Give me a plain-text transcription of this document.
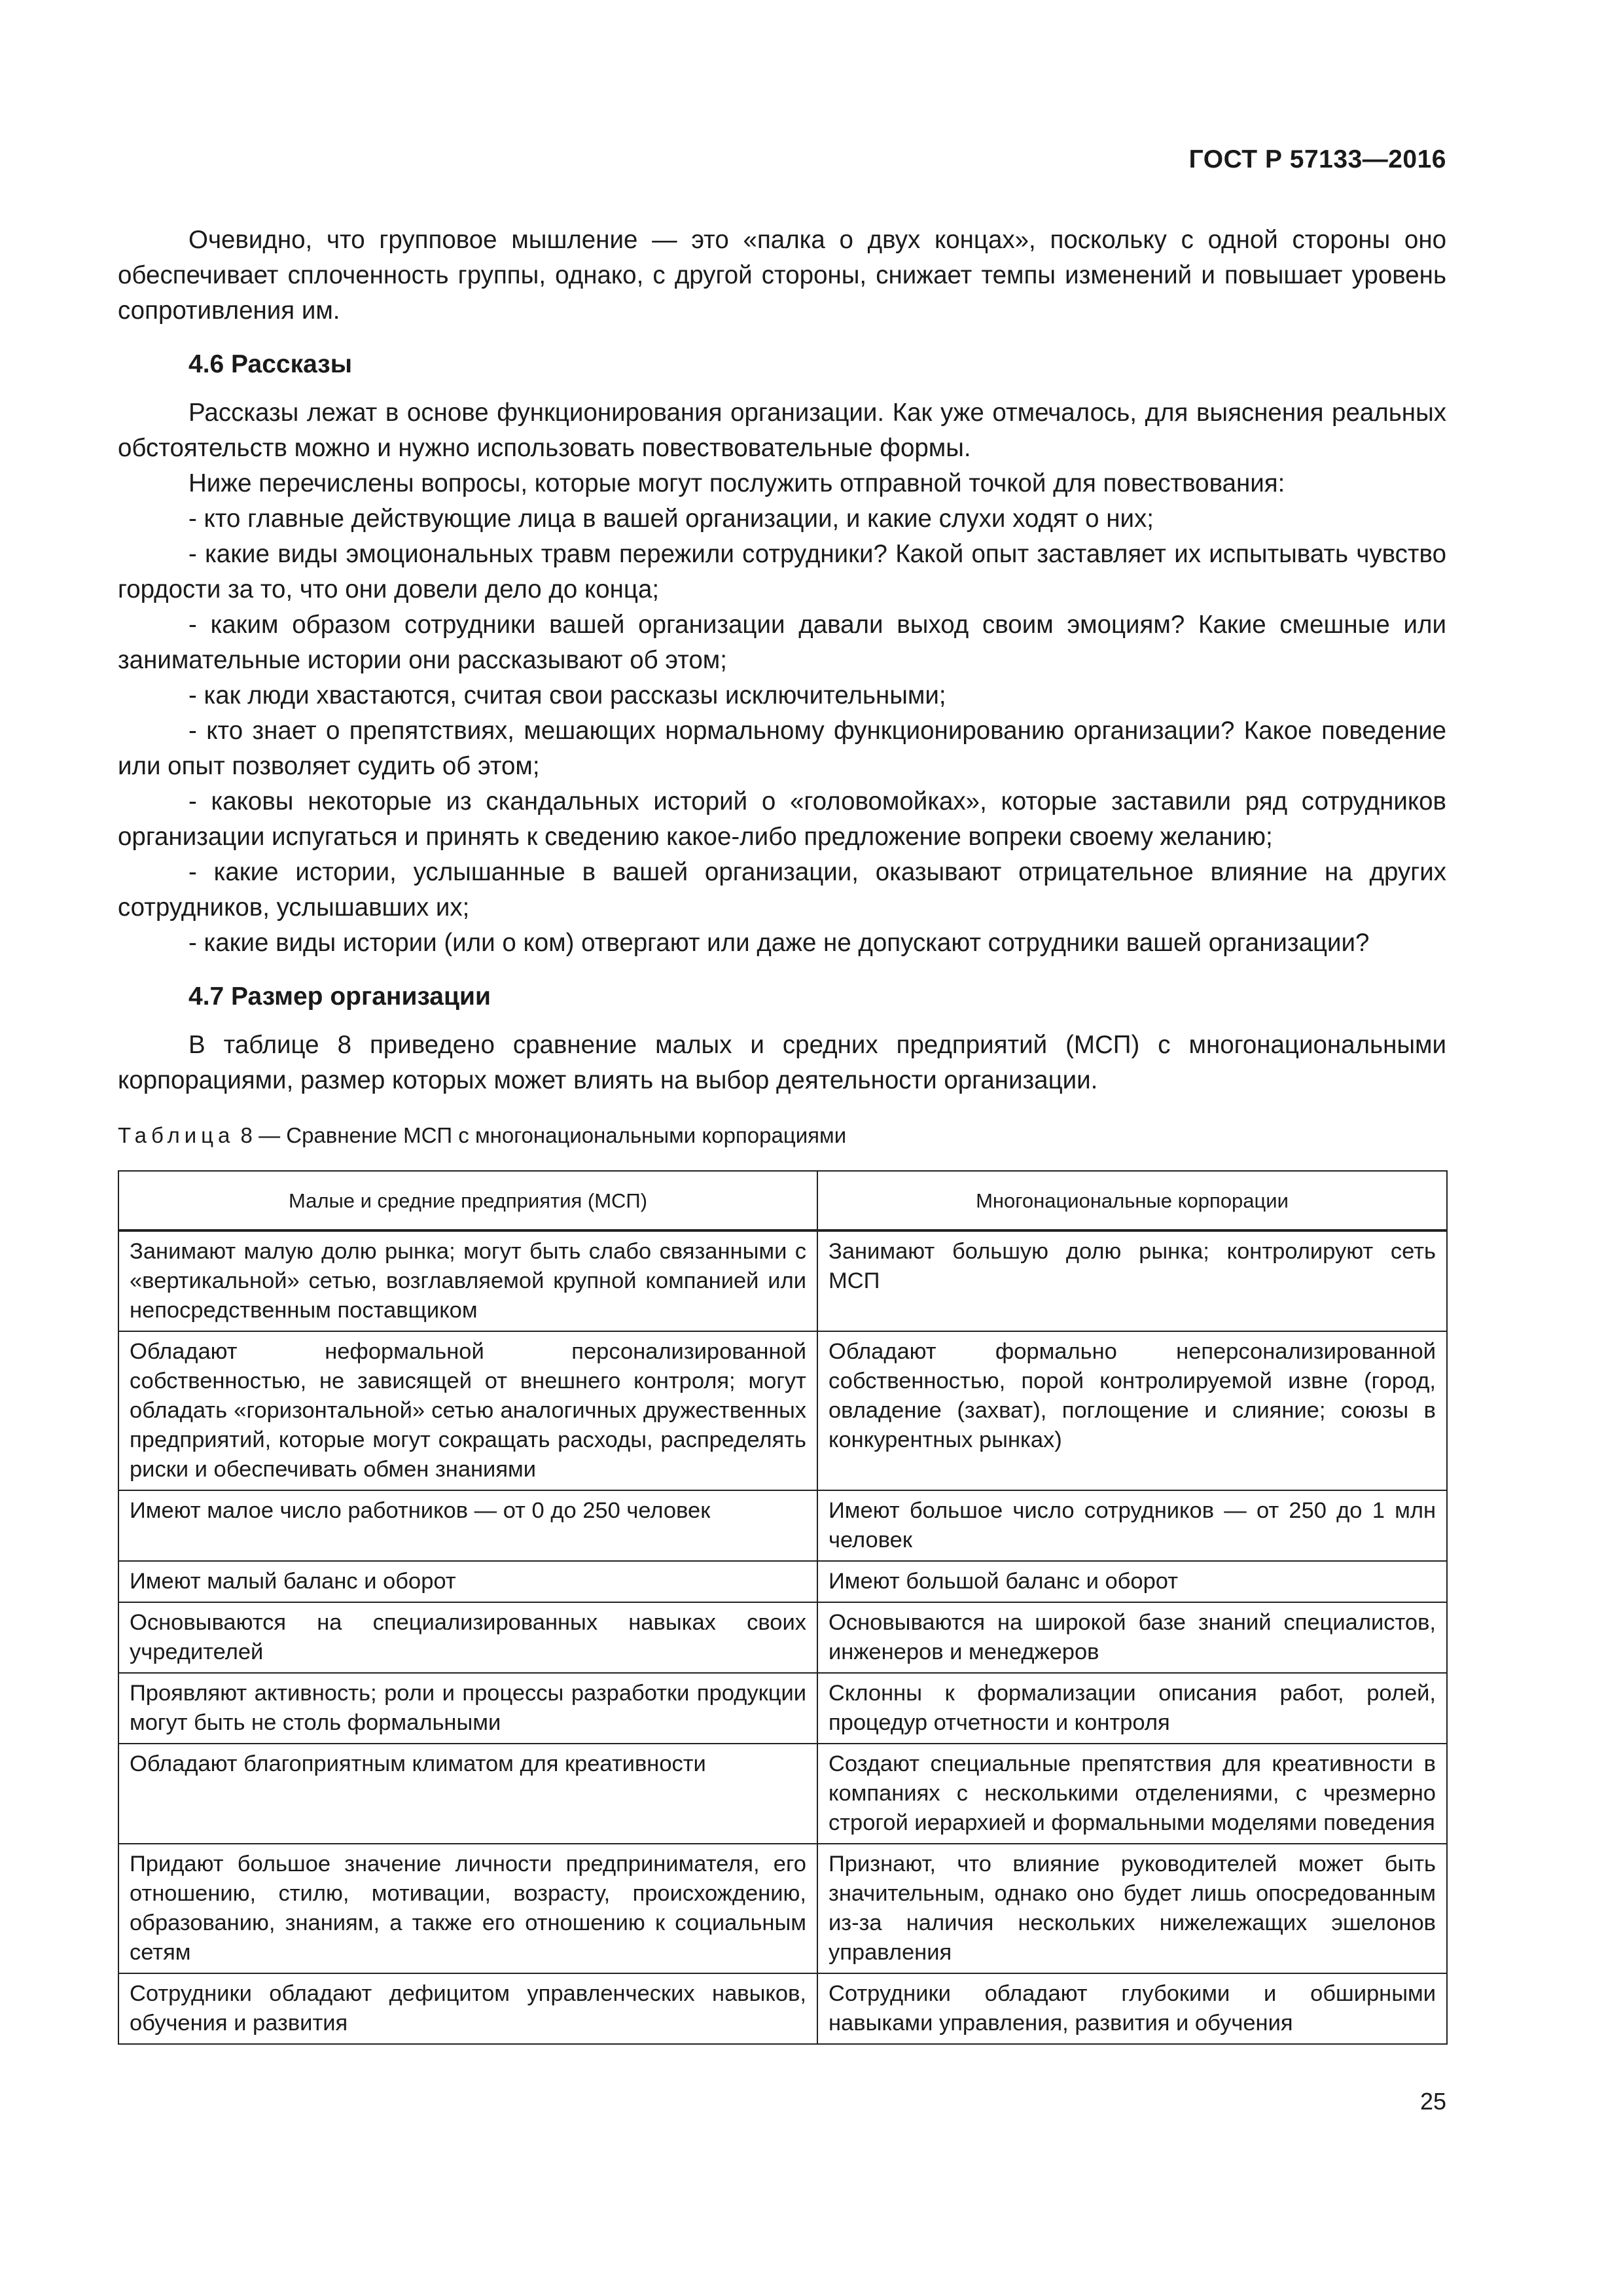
ГОСТ Р 57133—2016

Очевидно, что групповое мышление — это «палка о двух концах», поскольку с одной стороны оно обеспечивает сплоченность группы, однако, с другой стороны, снижает темпы изменений и повышает уровень сопротивления им.

4.6 Рассказы

Рассказы лежат в основе функционирования организации. Как уже отмечалось, для выяснения реальных обстоятельств можно и нужно использовать повествовательные формы.

Ниже перечислены вопросы, которые могут послужить отправной точкой для повествования:

- кто главные действующие лица в вашей организации, и какие слухи ходят о них;

- какие виды эмоциональных травм пережили сотрудники? Какой опыт заставляет их испытывать чувство гордости за то, что они довели дело до конца;

- каким образом сотрудники вашей организации давали выход своим эмоциям? Какие смешные или занимательные истории они рассказывают об этом;

- как люди хвастаются, считая свои рассказы исключительными;

- кто знает о препятствиях, мешающих нормальному функционированию организации? Какое поведение или опыт позволяет судить об этом;

- каковы некоторые из скандальных историй о «головомойках», которые заставили ряд сотрудников организации испугаться и принять к сведению какое-либо предложение вопреки своему желанию;

- какие истории, услышанные в вашей организации, оказывают отрицательное влияние на других сотрудников, услышавших их;

- какие виды истории (или о ком) отвергают или даже не допускают сотрудники вашей организации?

4.7 Размер организации

В таблице 8 приведено сравнение малых и средних предприятий (МСП) с многонациональными корпорациями, размер которых может влиять на выбор деятельности организации.

Таблица 8 — Сравнение МСП с многонациональными корпорациями
Малые и средние предприятия (МСП)	Многонациональные корпорации
Занимают малую долю рынка; могут быть слабо связанными с «вертикальной» сетью, возглавляемой крупной компанией или непосредственным поставщиком	Занимают большую долю рынка; контролируют сеть МСП
Обладают неформальной персонализированной собственностью, не зависящей от внешнего контроля; могут обладать «горизонтальной» сетью аналогичных дружественных предприятий, которые могут сокращать расходы, распределять риски и обеспечивать обмен знаниями	Обладают формально неперсонализированной собственностью, порой контролируемой извне (город, овладение (захват), поглощение и слияние; союзы в конкурентных рынках)
Имеют малое число работников — от 0 до 250 человек	Имеют большое число сотрудников — от 250 до 1 млн человек
Имеют малый баланс и оборот	Имеют большой баланс и оборот
Основываются на специализированных навыках своих учредителей	Основываются на широкой базе знаний специалистов, инженеров и менеджеров
Проявляют активность; роли и процессы разработки продукции могут быть не столь формальными	Склонны к формализации описания работ, ролей, процедур отчетности и контроля
Обладают благоприятным климатом для креативности	Создают специальные препятствия для креативности в компаниях с несколькими отделениями, с чрезмерно строгой иерархией и формальными моделями поведения
Придают большое значение личности предпринимателя, его отношению, стилю, мотивации, возрасту, происхождению, образованию, знаниям, а также его отношению к социальным сетям	Признают, что влияние руководителей может быть значительным, однако оно будет лишь опосредованным из-за наличия нескольких нижележащих эшелонов управления
Сотрудники обладают дефицитом управленческих навыков, обучения и развития	Сотрудники обладают глубокими и обширными навыками управления, развития и обучения
25
